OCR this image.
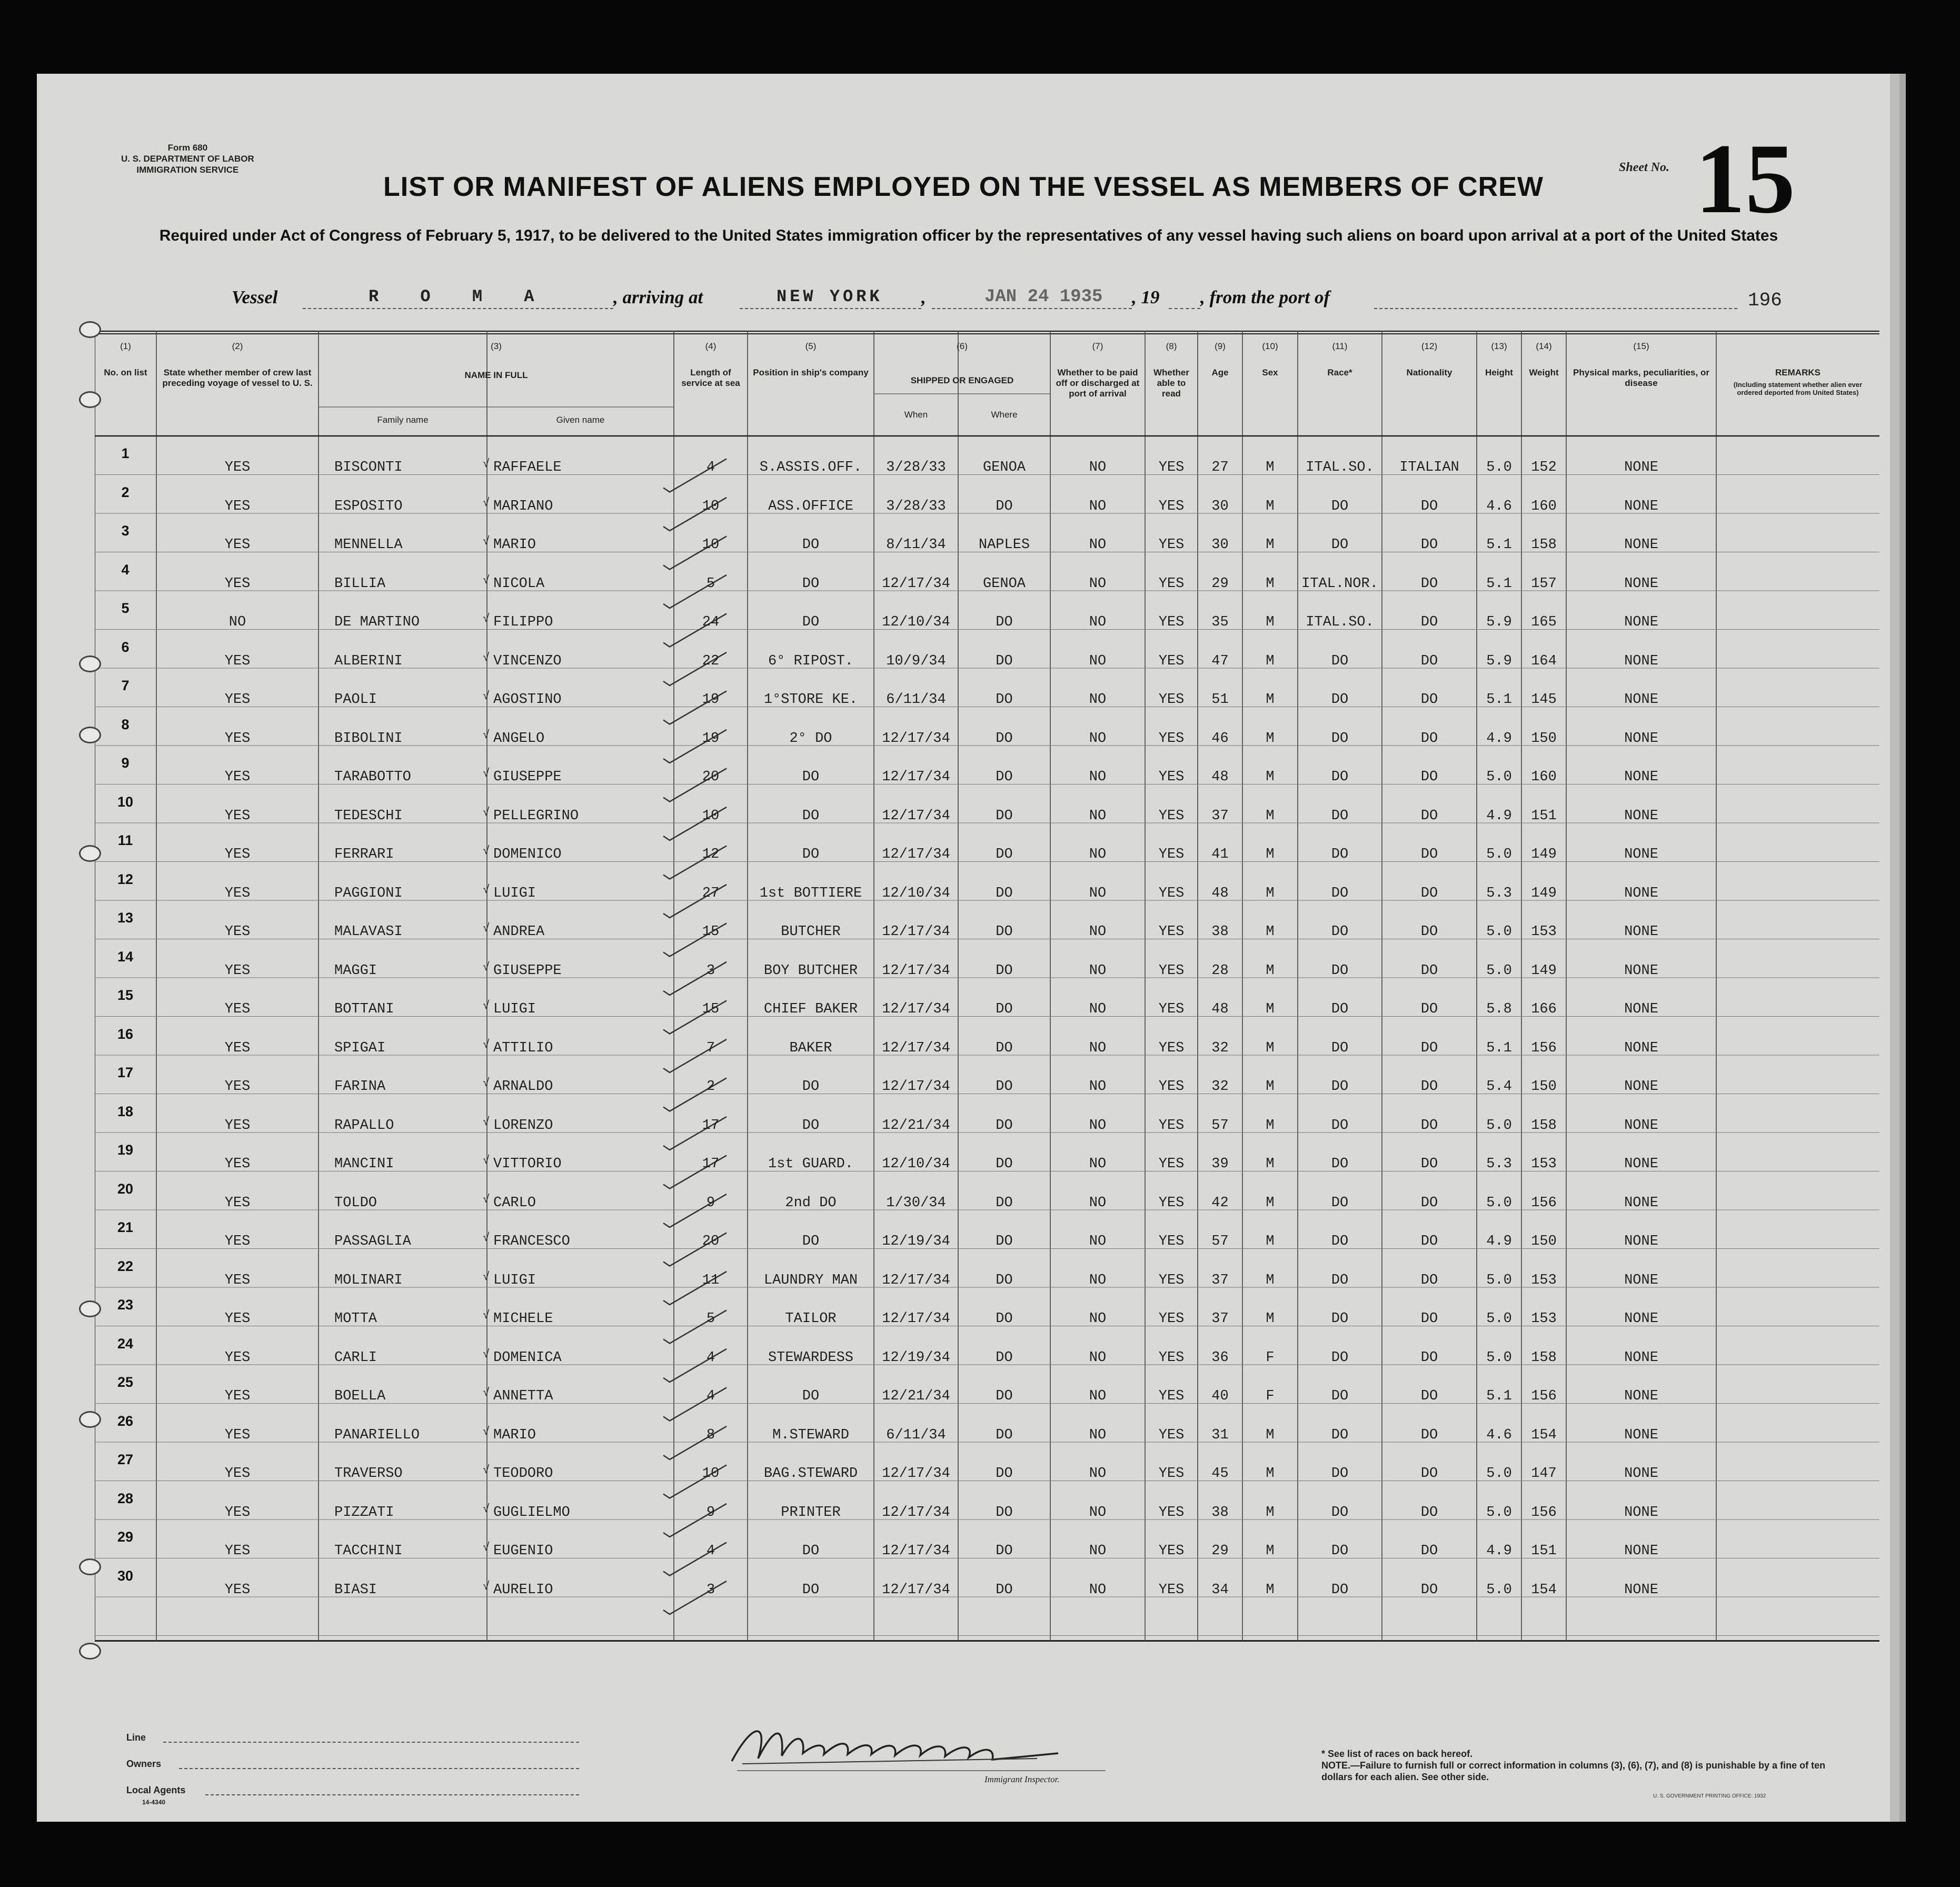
Form 680
U. S. DEPARTMENT OF LABOR
IMMIGRATION SERVICE
LIST OR MANIFEST OF ALIENS EMPLOYED ON THE VESSEL AS MEMBERS OF CREW
Required under Act of Congress of February 5, 1917, to be delivered to the United States immigration officer by the representatives of any vessel having such aliens on board upon arrival at a port of the United States
Sheet No. 15
Vessel	R O M A	, arriving at	NEW YORK ,	JAN 24 1935 , 19 , from the port of	196
(1)
No. on list
(2)
State whether member of crew last preceding voyage of vessel to U. S.
(3)
NAME IN FULL
Family name	Given name
(4)
Length of service at sea
(5)
Position in ship's company
(6)
SHIPPED OR ENGAGED
When	Where
(7)
Whether to be paid off or discharged at port of arrival
(8)
Whether able to read
(9)
Age
(10)
Sex
(11)
Race*
(12)
Nationality
(13)
Height
(14)
Weight
(15)
Physical marks, peculiarities, or disease
REMARKS
(Including statement whether alien ever ordered deported from United States)
1
YES	BISCONTI	RAFFAELE	4	S.ASSIS.OFF.	3/28/33	GENOA	NO	YES	27	M	ITAL.SO.	ITALIAN	5.0	152	NONE
√
2
YES	ESPOSITO	MARIANO	10	ASS.OFFICE	3/28/33	DO	NO	YES	30	M	DO	DO	4.6	160	NONE
√
3
YES	MENNELLA	MARIO	10	DO	8/11/34	NAPLES	NO	YES	30	M	DO	DO	5.1	158	NONE
√
4
YES	BILLIA	NICOLA	5	DO	12/17/34	GENOA	NO	YES	29	M	ITAL.NOR.	DO	5.1	157	NONE
√
5
NO	DE MARTINO	FILIPPO	24	DO	12/10/34	DO	NO	YES	35	M	ITAL.SO.	DO	5.9	165	NONE
√
6
YES	ALBERINI	VINCENZO	22	6° RIPOST.	10/9/34	DO	NO	YES	47	M	DO	DO	5.9	164	NONE
√
7
YES	PAOLI	AGOSTINO	19	1°STORE KE.	6/11/34	DO	NO	YES	51	M	DO	DO	5.1	145	NONE
√
8
YES	BIBOLINI	ANGELO	19	2° DO	12/17/34	DO	NO	YES	46	M	DO	DO	4.9	150	NONE
√
9
YES	TARABOTTO	GIUSEPPE	20	DO	12/17/34	DO	NO	YES	48	M	DO	DO	5.0	160	NONE
√
10
YES	TEDESCHI	PELLEGRINO	10	DO	12/17/34	DO	NO	YES	37	M	DO	DO	4.9	151	NONE
√
11
YES	FERRARI	DOMENICO	12	DO	12/17/34	DO	NO	YES	41	M	DO	DO	5.0	149	NONE
√
12
YES	PAGGIONI	LUIGI	27	1st BOTTIERE	12/10/34	DO	NO	YES	48	M	DO	DO	5.3	149	NONE
√
13
YES	MALAVASI	ANDREA	15	BUTCHER	12/17/34	DO	NO	YES	38	M	DO	DO	5.0	153	NONE
√
14
YES	MAGGI	GIUSEPPE	3	BOY BUTCHER	12/17/34	DO	NO	YES	28	M	DO	DO	5.0	149	NONE
√
15
YES	BOTTANI	LUIGI	15	CHIEF BAKER	12/17/34	DO	NO	YES	48	M	DO	DO	5.8	166	NONE
√
16
YES	SPIGAI	ATTILIO	7	BAKER	12/17/34	DO	NO	YES	32	M	DO	DO	5.1	156	NONE
√
17
YES	FARINA	ARNALDO	2	DO	12/17/34	DO	NO	YES	32	M	DO	DO	5.4	150	NONE
√
18
YES	RAPALLO	LORENZO	17	DO	12/21/34	DO	NO	YES	57	M	DO	DO	5.0	158	NONE
√
19
YES	MANCINI	VITTORIO	17	1st GUARD.	12/10/34	DO	NO	YES	39	M	DO	DO	5.3	153	NONE
√
20
YES	TOLDO	CARLO	9	2nd DO	1/30/34	DO	NO	YES	42	M	DO	DO	5.0	156	NONE
√
21
YES	PASSAGLIA	FRANCESCO	20	DO	12/19/34	DO	NO	YES	57	M	DO	DO	4.9	150	NONE
√
22
YES	MOLINARI	LUIGI	11	LAUNDRY MAN	12/17/34	DO	NO	YES	37	M	DO	DO	5.0	153	NONE
√
23
YES	MOTTA	MICHELE	5	TAILOR	12/17/34	DO	NO	YES	37	M	DO	DO	5.0	153	NONE
√
24
YES	CARLI	DOMENICA	4	STEWARDESS	12/19/34	DO	NO	YES	36	F	DO	DO	5.0	158	NONE
√
25
YES	BOELLA	ANNETTA	4	DO	12/21/34	DO	NO	YES	40	F	DO	DO	5.1	156	NONE
√
26
YES	PANARIELLO	MARIO	8	M.STEWARD	6/11/34	DO	NO	YES	31	M	DO	DO	4.6	154	NONE
√
27
YES	TRAVERSO	TEODORO	10	BAG.STEWARD	12/17/34	DO	NO	YES	45	M	DO	DO	5.0	147	NONE
√
28
YES	PIZZATI	GUGLIELMO	9	PRINTER	12/17/34	DO	NO	YES	38	M	DO	DO	5.0	156	NONE
√
29
YES	TACCHINI	EUGENIO	4	DO	12/17/34	DO	NO	YES	29	M	DO	DO	4.9	151	NONE
√
30
YES	BIASI	AURELIO	3	DO	12/17/34	DO	NO	YES	34	M	DO	DO	5.0	154	NONE
√
Line
Owners
Local Agents
14-4340
Immigrant Inspector.
* See list of races on back hereof.
NOTE.—Failure to furnish full or correct information in columns (3), (6), (7), and (8) is punishable by a fine of ten dollars for each alien. See other side.
U. S. GOVERNMENT PRINTING OFFICE: 1932
